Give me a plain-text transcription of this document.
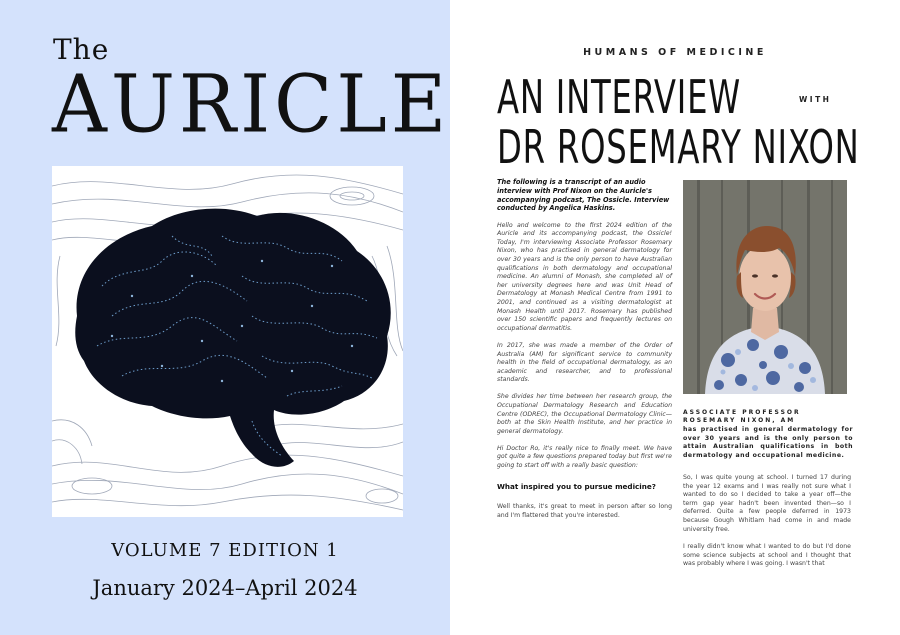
The
AURICLE
VOLUME 7 EDITION 1
January 2024–April 2024
HUMANS OF MEDICINE
AN INTERVIEW	WITH
DR ROSEMARY NIXON

The following is a transcript of an audio interview with Prof Nixon on the Auricle's accompanying podcast, The Ossicle. Interview conducted by Angelica Haskins.

Hello and welcome to the first 2024 edition of the Auricle and its accompanying podcast, the Ossicle! Today, I'm interviewing Associate Professor Rosemary Nixon, who has practised in general dermatology for over 30 years and is the only person to have Australian qualifications in both dermatology and occupational medicine. An alumni of Monash, she completed all of her university degrees here and was Unit Head of Dermatology at Monash Medical Centre from 1991 to 2001, and continued as a visiting dermatologist at Monash Health until 2017. Rosemary has published over 150 scientific papers and frequently lectures on occupational dermatitis.

In 2017, she was made a member of the Order of Australia (AM) for significant service to community health in the field of occupational dermatology, as an academic and researcher, and to professional standards.

She divides her time between her research group, the Occupational Dermatology Research and Education Centre (ODREC), the Occupational Dermatology Clinic—both at the Skin Health Institute, and her practice in general dermatology.

Hi Doctor Ro, it's really nice to finally meet. We have got quite a few questions prepared today but first we're going to start off with a really basic question:

What inspired you to pursue medicine?

Well thanks, it's great to meet in person after so long and I'm flattered that you're interested.

ASSOCIATE PROFESSOR
ROSEMARY NIXON, AM
has practised in general dermatology for over 30 years and is the only person to attain Australian qualifications in both dermatology and occupational medicine.

So, I was quite young at school. I turned 17 during the year 12 exams and I was really not sure what I wanted to do so I decided to take a year off—the term gap year hadn't been invented then—so I deferred. Quite a few people deferred in 1973 because Gough Whitlam had come in and made university free.

I really didn't know what I wanted to do but I'd done some science subjects at school and I thought that was probably where I was going. I wasn't that
